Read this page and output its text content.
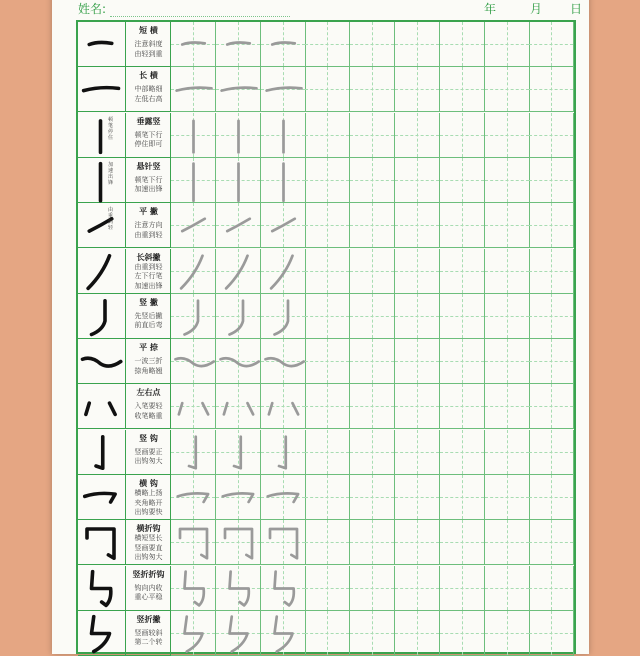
姓名:	年	月 日
短 横
注意斜度
由轻到重
长 横
中部略细
左低右高
顿笔停住
垂露竖
顿笔下行
停住即可
加速出锋
悬针竖
顿笔下行
加速出锋
由重到轻
平 撇
注意方向
由重到轻
长斜撇
由重到轻
左下行笔
加速出锋
竖 撇
先竖后撇
前直后弯
平 捺
一波三折
捺角略翘
左右点
入笔要轻
收笔略重
竖 钩
竖画要正
出钩匆大
横 钩
横略上扬
夹角略开
出钩要快
横折钩
横短竖长
竖画要直
出钩匆大
竖折折钩
钩向内收
重心平稳
竖折撇
竖画较斜
第二个转
